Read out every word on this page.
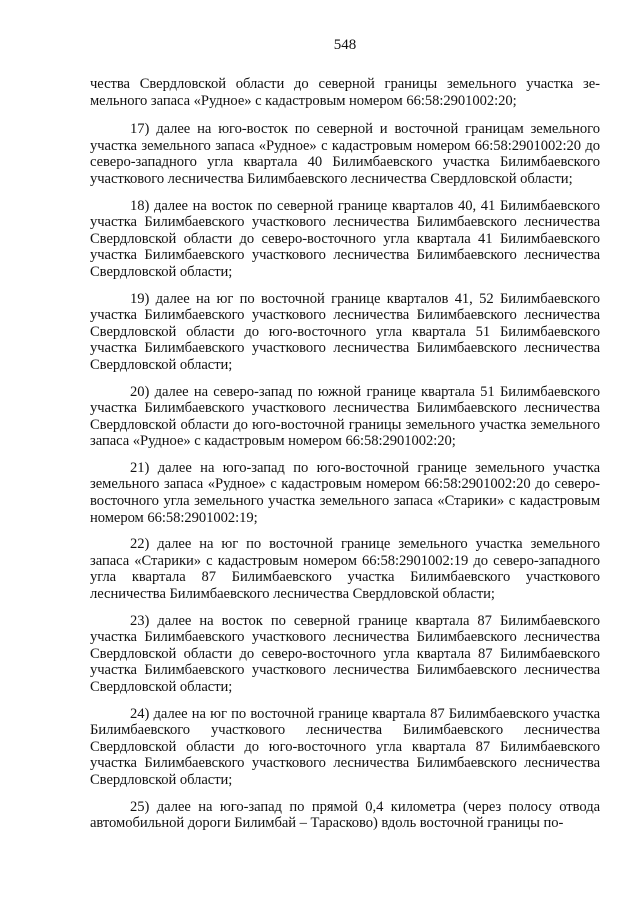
548

чества Свердловской области до северной границы земельного участка земельного запаса «Рудное» с кадастровым номером 66:58:2901002:20;

17) далее на юго-восток по северной и восточной границам земельного участка земельного запаса «Рудное» с кадастровым номером 66:58:2901002:20 до северо-западного угла квартала 40 Билимбаевского участка Билимбаевского участкового лесничества Билимбаевского лесничества Свердловской области;

18) далее на восток по северной границе кварталов 40, 41 Билимбаевского участка Билимбаевского участкового лесничества Билимбаевского лесничества Свердловской области до северо-восточного угла квартала 41 Билимбаевского участка Билимбаевского участкового лесничества Билимбаевского лесничества Свердловской области;

19) далее на юг по восточной границе кварталов 41, 52 Билимбаевского участка Билимбаевского участкового лесничества Билимбаевского лесничества Свердловской области до юго-восточного угла квартала 51 Билимбаевского участка Билимбаевского участкового лесничества Билимбаевского лесничества Свердловской области;

20) далее на северо-запад по южной границе квартала 51 Билимбаевского участка Билимбаевского участкового лесничества Билимбаевского лесничества Свердловской области до юго-восточной границы земельного участка земельного запаса «Рудное» с кадастровым номером 66:58:2901002:20;

21) далее на юго-запад по юго-восточной границе земельного участка земельного запаса «Рудное» с кадастровым номером 66:58:2901002:20 до северо-восточного угла земельного участка земельного запаса «Старики» с кадастровым номером 66:58:2901002:19;

22) далее на юг по восточной границе земельного участка земельного запаса «Старики» с кадастровым номером 66:58:2901002:19 до северо-западного угла квартала 87 Билимбаевского участка Билимбаевского участкового лесничества Билимбаевского лесничества Свердловской области;

23) далее на восток по северной границе квартала 87 Билимбаевского участка Билимбаевского участкового лесничества Билимбаевского лесничества Свердловской области до северо-восточного угла квартала 87 Билимбаевского участка Билимбаевского участкового лесничества Билимбаевского лесничества Свердловской области;

24) далее на юг по восточной границе квартала 87 Билимбаевского участка Билимбаевского участкового лесничества Билимбаевского лесничества Свердловской области до юго-восточного угла квартала 87 Билимбаевского участка Билимбаевского участкового лесничества Билимбаевского лесничества Свердловской области;

25) далее на юго-запад по прямой 0,4 километра (через полосу отвода автомобильной дороги Билимбай – Тарасково) вдоль восточной границы по-
